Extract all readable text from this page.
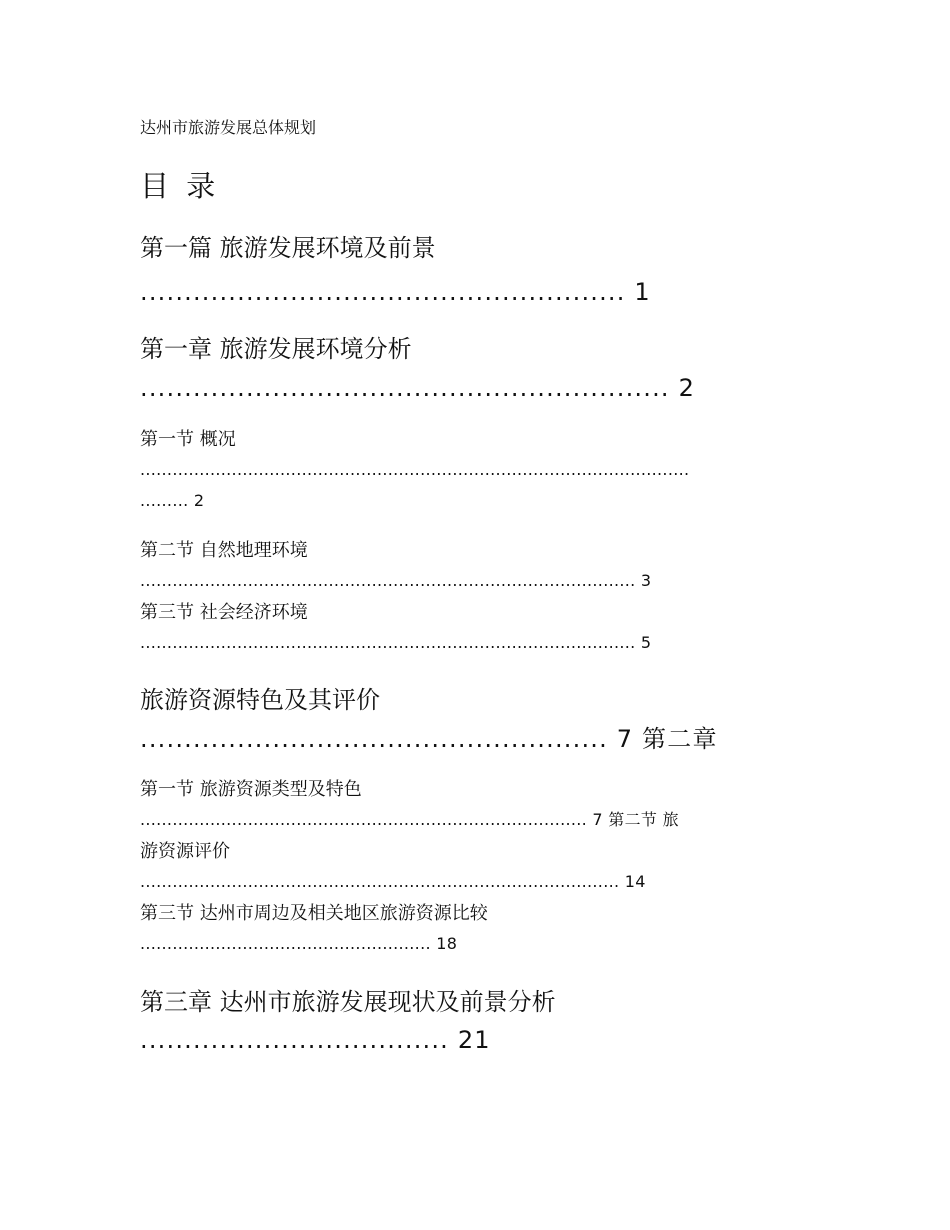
达州市旅游发展总体规划
目 录
第一篇 旅游发展环境及前景
....................................................... 1
第一章 旅游发展环境分析
............................................................ 2
第一节 概况
......................................................................................................
......... 2
第二节 自然地理环境
............................................................................................ 3
第三节 社会经济环境
............................................................................................ 5
旅游资源特色及其评价
..................................................... 7 第二章
第一节 旅游资源类型及特色
................................................................................... 7 第二节 旅
游资源评价
......................................................................................... 14
第三节 达州市周边及相关地区旅游资源比较
...................................................... 18
第三章 达州市旅游发展现状及前景分析
................................... 21
